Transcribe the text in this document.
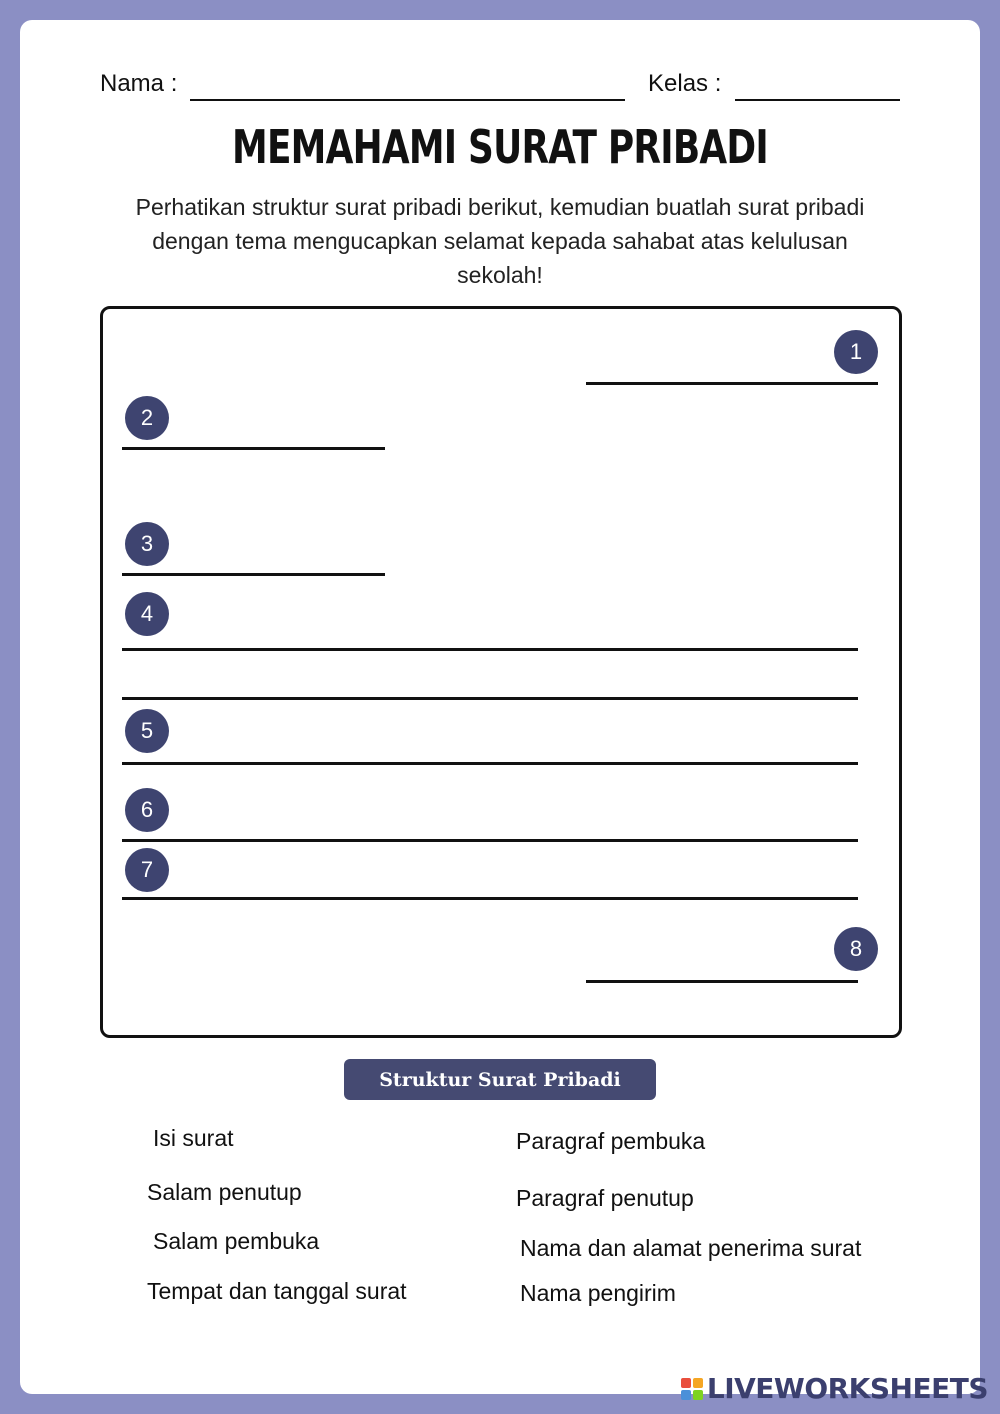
Nama :	Kelas :
MEMAHAMI SURAT PRIBADI
Perhatikan struktur surat pribadi berikut, kemudian buatlah surat pribadi dengan tema mengucapkan selamat kepada sahabat atas kelulusan sekolah!
1
2
3
4
5
6
7
8
Struktur Surat Pribadi
Isi surat	Paragraf pembuka
Salam penutup	Paragraf penutup
Salam pembuka	Nama dan alamat penerima surat
Tempat dan tanggal surat	Nama pengirim
LIVEWORKSHEETS
